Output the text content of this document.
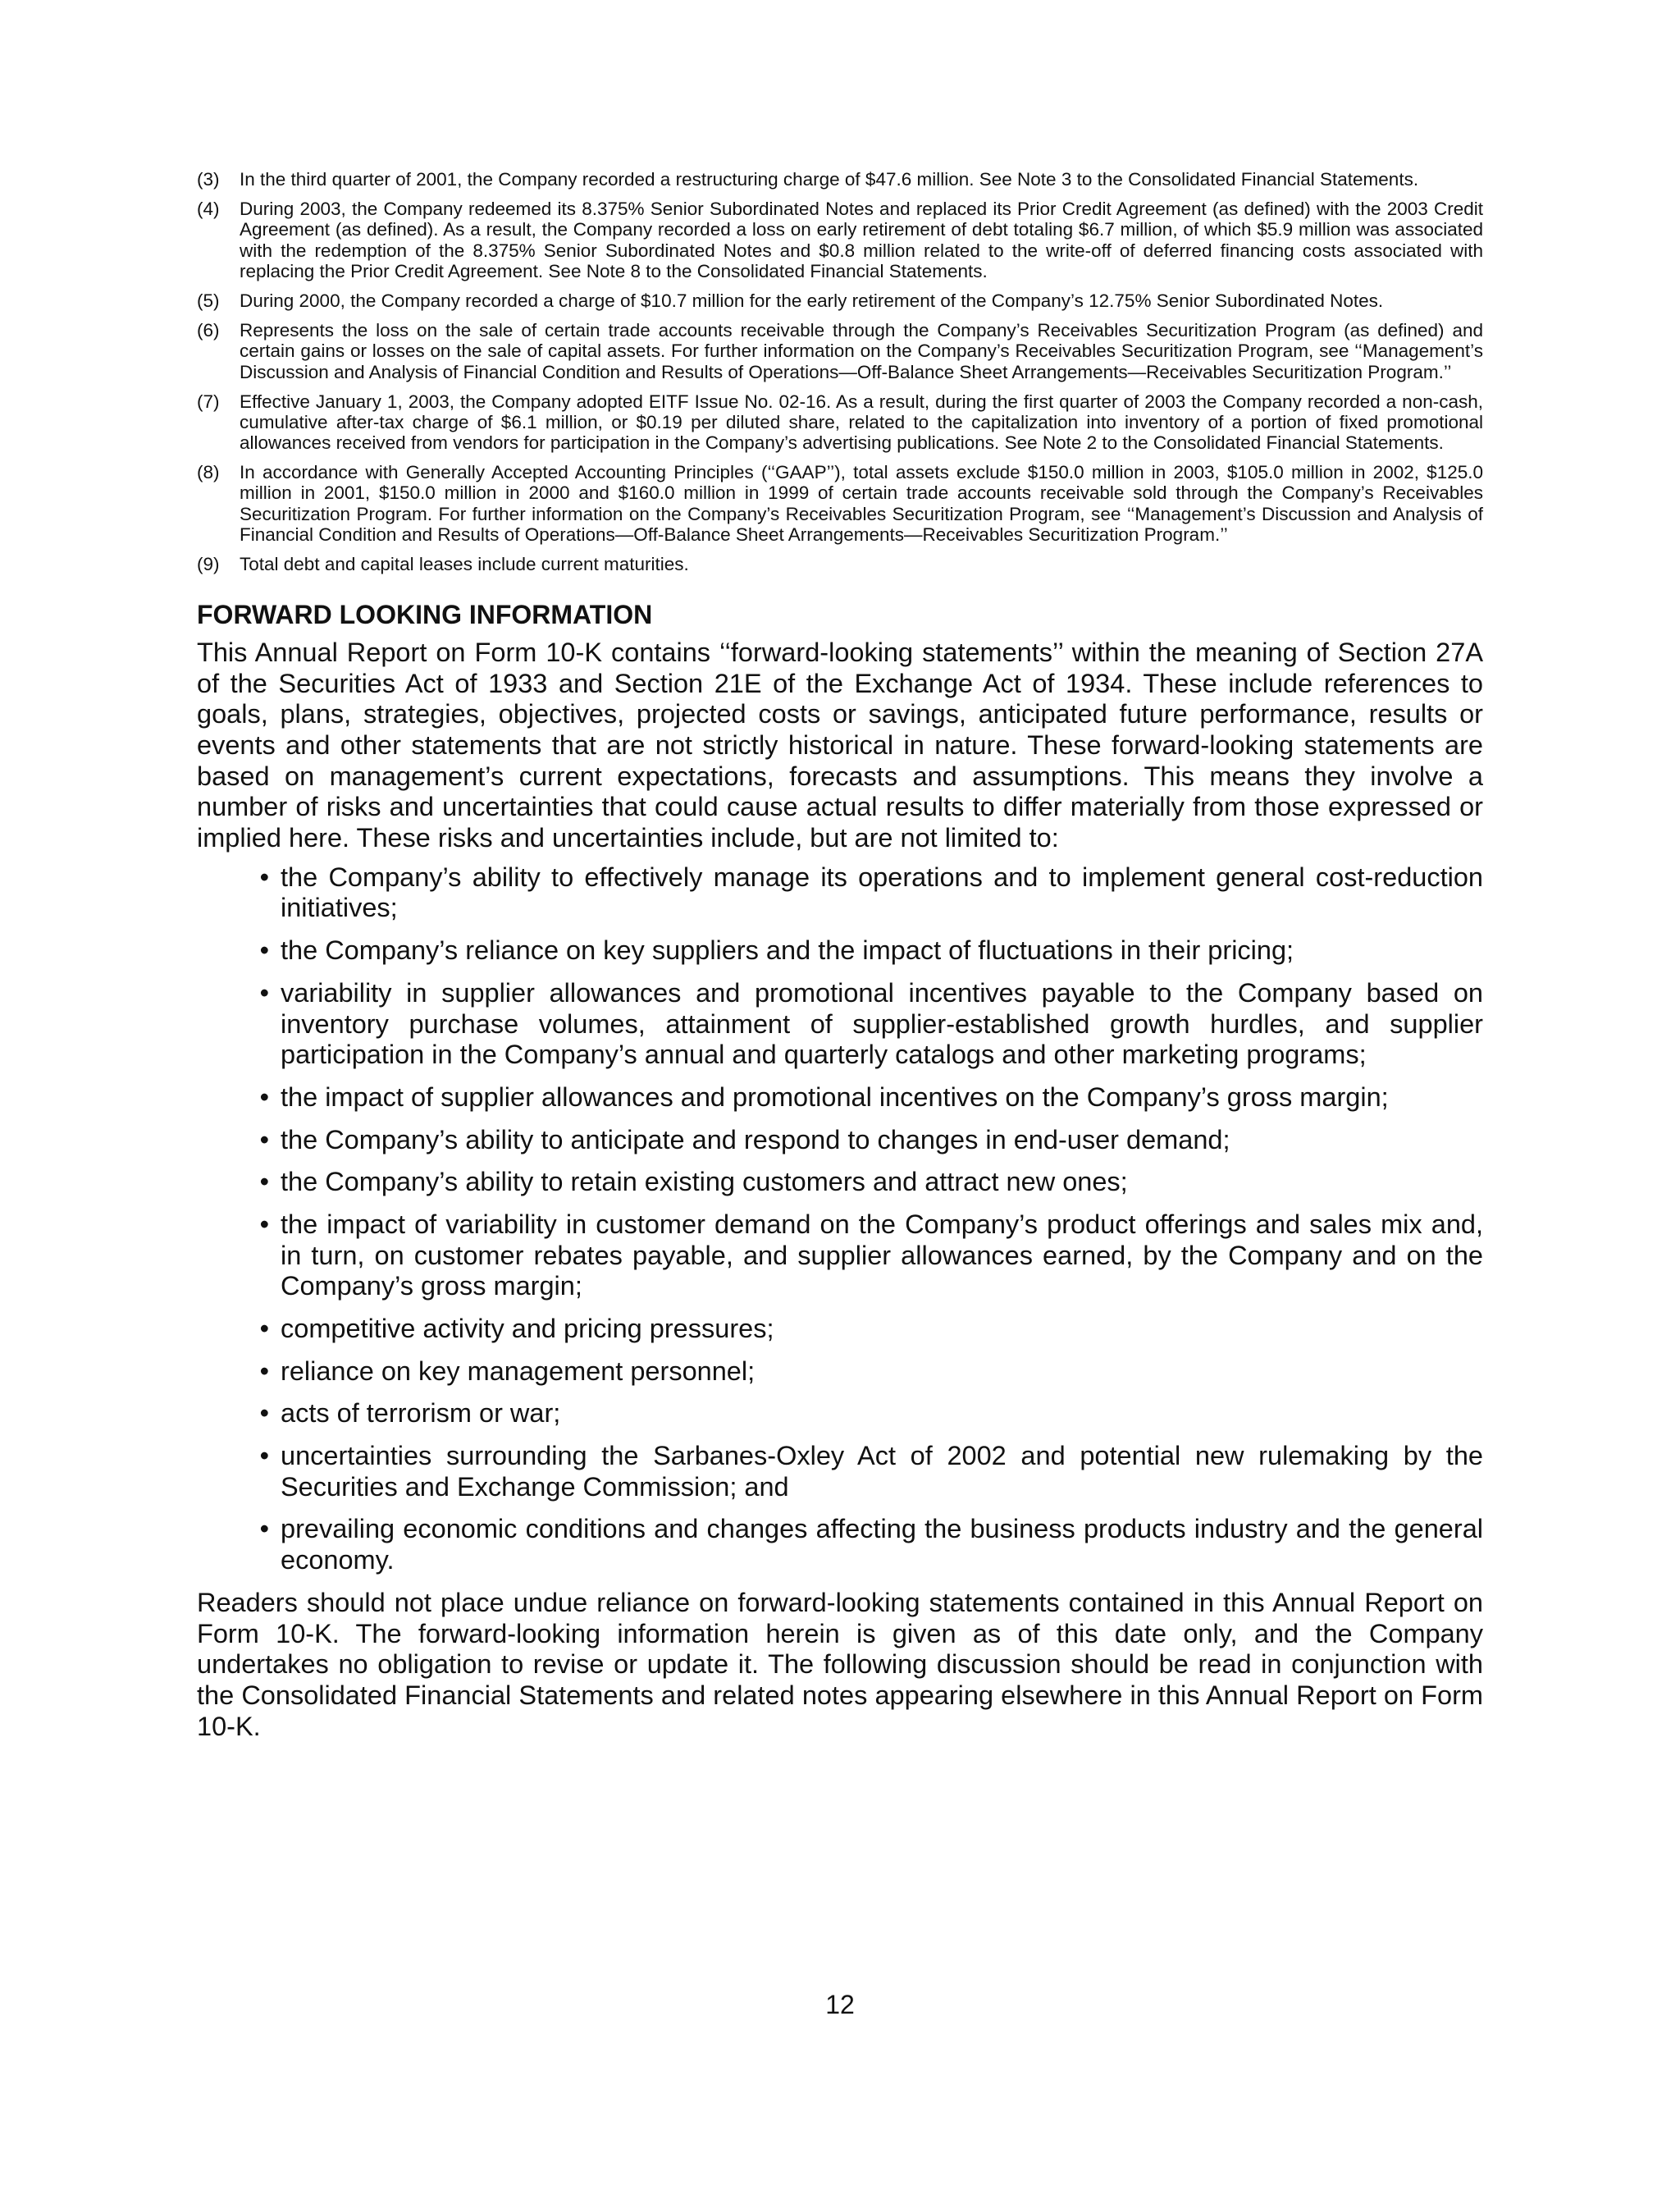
(3)	In the third quarter of 2001, the Company recorded a restructuring charge of $47.6 million. See Note 3 to the Consolidated Financial Statements.
(4)	During 2003, the Company redeemed its 8.375% Senior Subordinated Notes and replaced its Prior Credit Agreement (as defined) with the 2003 Credit Agreement (as defined). As a result, the Company recorded a loss on early retirement of debt totaling $6.7 million, of which $5.9 million was associated with the redemption of the 8.375% Senior Subordinated Notes and $0.8 million related to the write-off of deferred financing costs associated with replacing the Prior Credit Agreement. See Note 8 to the Consolidated Financial Statements.
(5)	During 2000, the Company recorded a charge of $10.7 million for the early retirement of the Company’s 12.75% Senior Subordinated Notes.
(6)	Represents the loss on the sale of certain trade accounts receivable through the Company’s Receivables Securitization Program (as defined) and certain gains or losses on the sale of capital assets. For further information on the Company’s Receivables Securitization Program, see ‘‘Management’s Discussion and Analysis of Financial Condition and Results of Operations—Off-Balance Sheet Arrangements—Receivables Securitization Program.’’
(7)	Effective January 1, 2003, the Company adopted EITF Issue No. 02-16. As a result, during the first quarter of 2003 the Company recorded a non-cash, cumulative after-tax charge of $6.1 million, or $0.19 per diluted share, related to the capitalization into inventory of a portion of fixed promotional allowances received from vendors for participation in the Company’s advertising publications. See Note 2 to the Consolidated Financial Statements.
(8)	In accordance with Generally Accepted Accounting Principles (‘‘GAAP’’), total assets exclude $150.0 million in 2003, $105.0 million in 2002, $125.0 million in 2001, $150.0 million in 2000 and $160.0 million in 1999 of certain trade accounts receivable sold through the Company’s Receivables Securitization Program. For further information on the Company’s Receivables Securitization Program, see ‘‘Management’s Discussion and Analysis of Financial Condition and Results of Operations—Off-Balance Sheet Arrangements—Receivables Securitization Program.’’
(9)	Total debt and capital leases include current maturities.
FORWARD LOOKING INFORMATION

This Annual Report on Form 10-K contains ‘‘forward-looking statements’’ within the meaning of Section 27A of the Securities Act of 1933 and Section 21E of the Exchange Act of 1934. These include references to goals, plans, strategies, objectives, projected costs or savings, anticipated future performance, results or events and other statements that are not strictly historical in nature. These forward-looking statements are based on management’s current expectations, forecasts and assumptions. This means they involve a number of risks and uncertainties that could cause actual results to differ materially from those expressed or implied here. These risks and uncertainties include, but are not limited to:

• the Company’s ability to effectively manage its operations and to implement general cost-reduction initiatives;
• the Company’s reliance on key suppliers and the impact of fluctuations in their pricing;
• variability in supplier allowances and promotional incentives payable to the Company based on inventory purchase volumes, attainment of supplier-established growth hurdles, and supplier participation in the Company’s annual and quarterly catalogs and other marketing programs;
• the impact of supplier allowances and promotional incentives on the Company’s gross margin;
• the Company’s ability to anticipate and respond to changes in end-user demand;
• the Company’s ability to retain existing customers and attract new ones;
• the impact of variability in customer demand on the Company’s product offerings and sales mix and, in turn, on customer rebates payable, and supplier allowances earned, by the Company and on the Company’s gross margin;
• competitive activity and pricing pressures;
• reliance on key management personnel;
• acts of terrorism or war;
• uncertainties surrounding the Sarbanes-Oxley Act of 2002 and potential new rulemaking by the Securities and Exchange Commission; and
• prevailing economic conditions and changes affecting the business products industry and the general economy.

Readers should not place undue reliance on forward-looking statements contained in this Annual Report on Form 10-K. The forward-looking information herein is given as of this date only, and the Company undertakes no obligation to revise or update it. The following discussion should be read in conjunction with the Consolidated Financial Statements and related notes appearing elsewhere in this Annual Report on Form 10-K.

12
